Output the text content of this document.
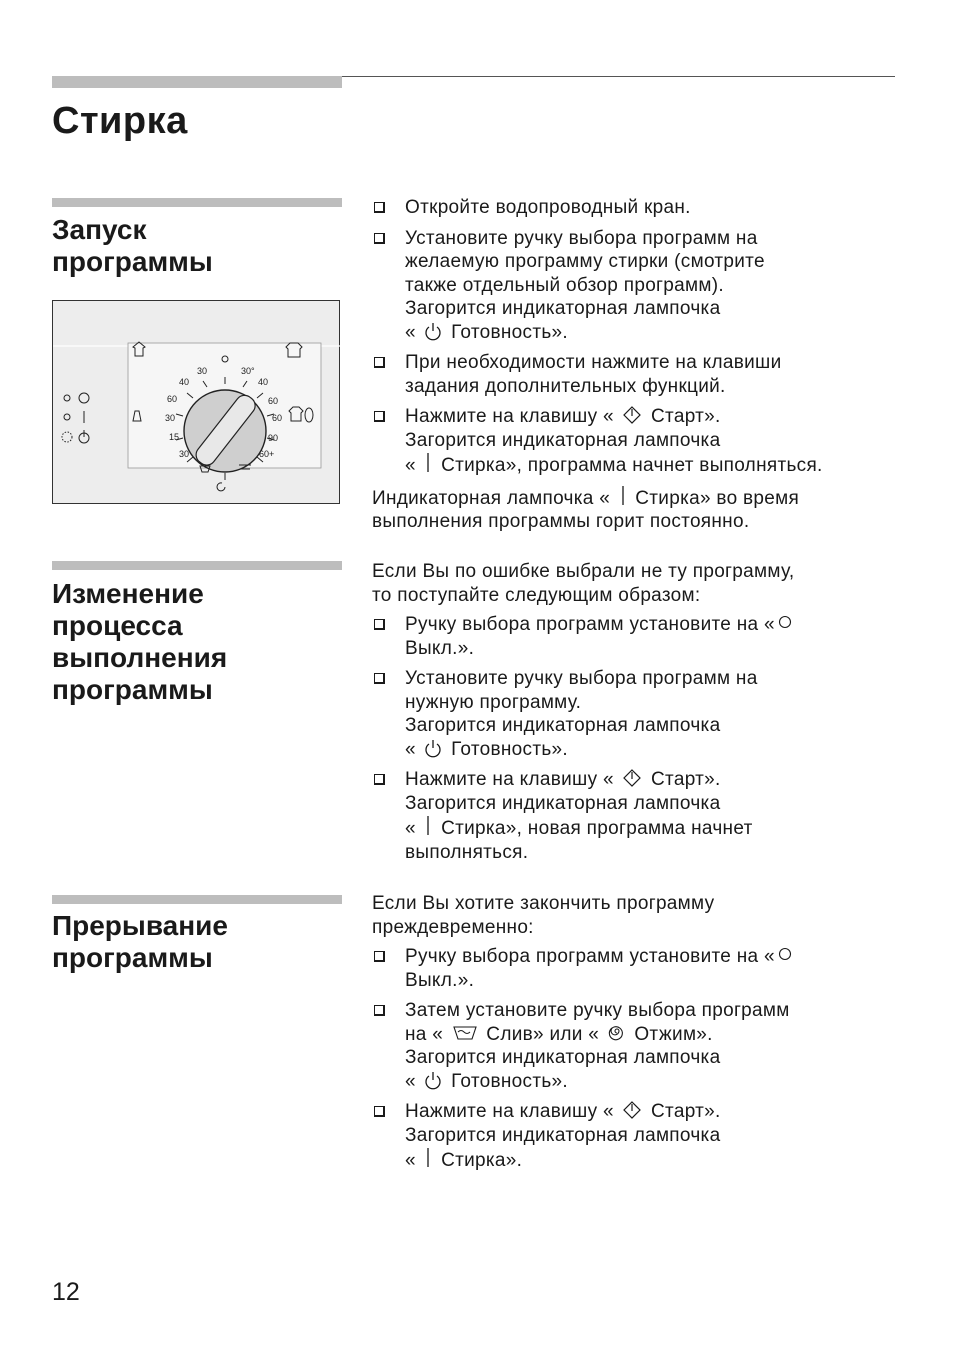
Стирка
Запуск
программы
30	30°
40	40
60	60
60
30
90
15
60+
30
Откройте водопроводный кран.
Установите ручку выбора программ на
желаемую программу стирки (смотрите
также отдельный обзор программ).
Загорится индикаторная лампочка
« Готовность».
При необходимости нажмите на клавиши
задания дополнительных функций.
Нажмите на клавишу « Старт».
Загорится индикаторная лампочка
« Стирка», программа начнет выполняться.

Индикаторная лампочка « Стирка» во время
выполнения программы горит постоянно.

Изменение
процесса
выполнения
программы

Если Вы по ошибке выбрали не ту программу,
то поступайте следующим образом:

Ручку выбора программ установите на «
Выкл.».
Установите ручку выбора программ на
нужную программу.
Загорится индикаторная лампочка
« Готовность».
Нажмите на клавишу « Старт».
Загорится индикаторная лампочка
« Стирка», новая программа начнет
выполняться.
Прерывание
программы

Если Вы хотите закончить программу
преждевременно:

Ручку выбора программ установите на «
Выкл.».
Затем установите ручку выбора программ
на « Слив» или « Отжим».
Загорится индикаторная лампочка
« Готовность».
Нажмите на клавишу « Старт».
Загорится индикаторная лампочка
« Стирка».
12
